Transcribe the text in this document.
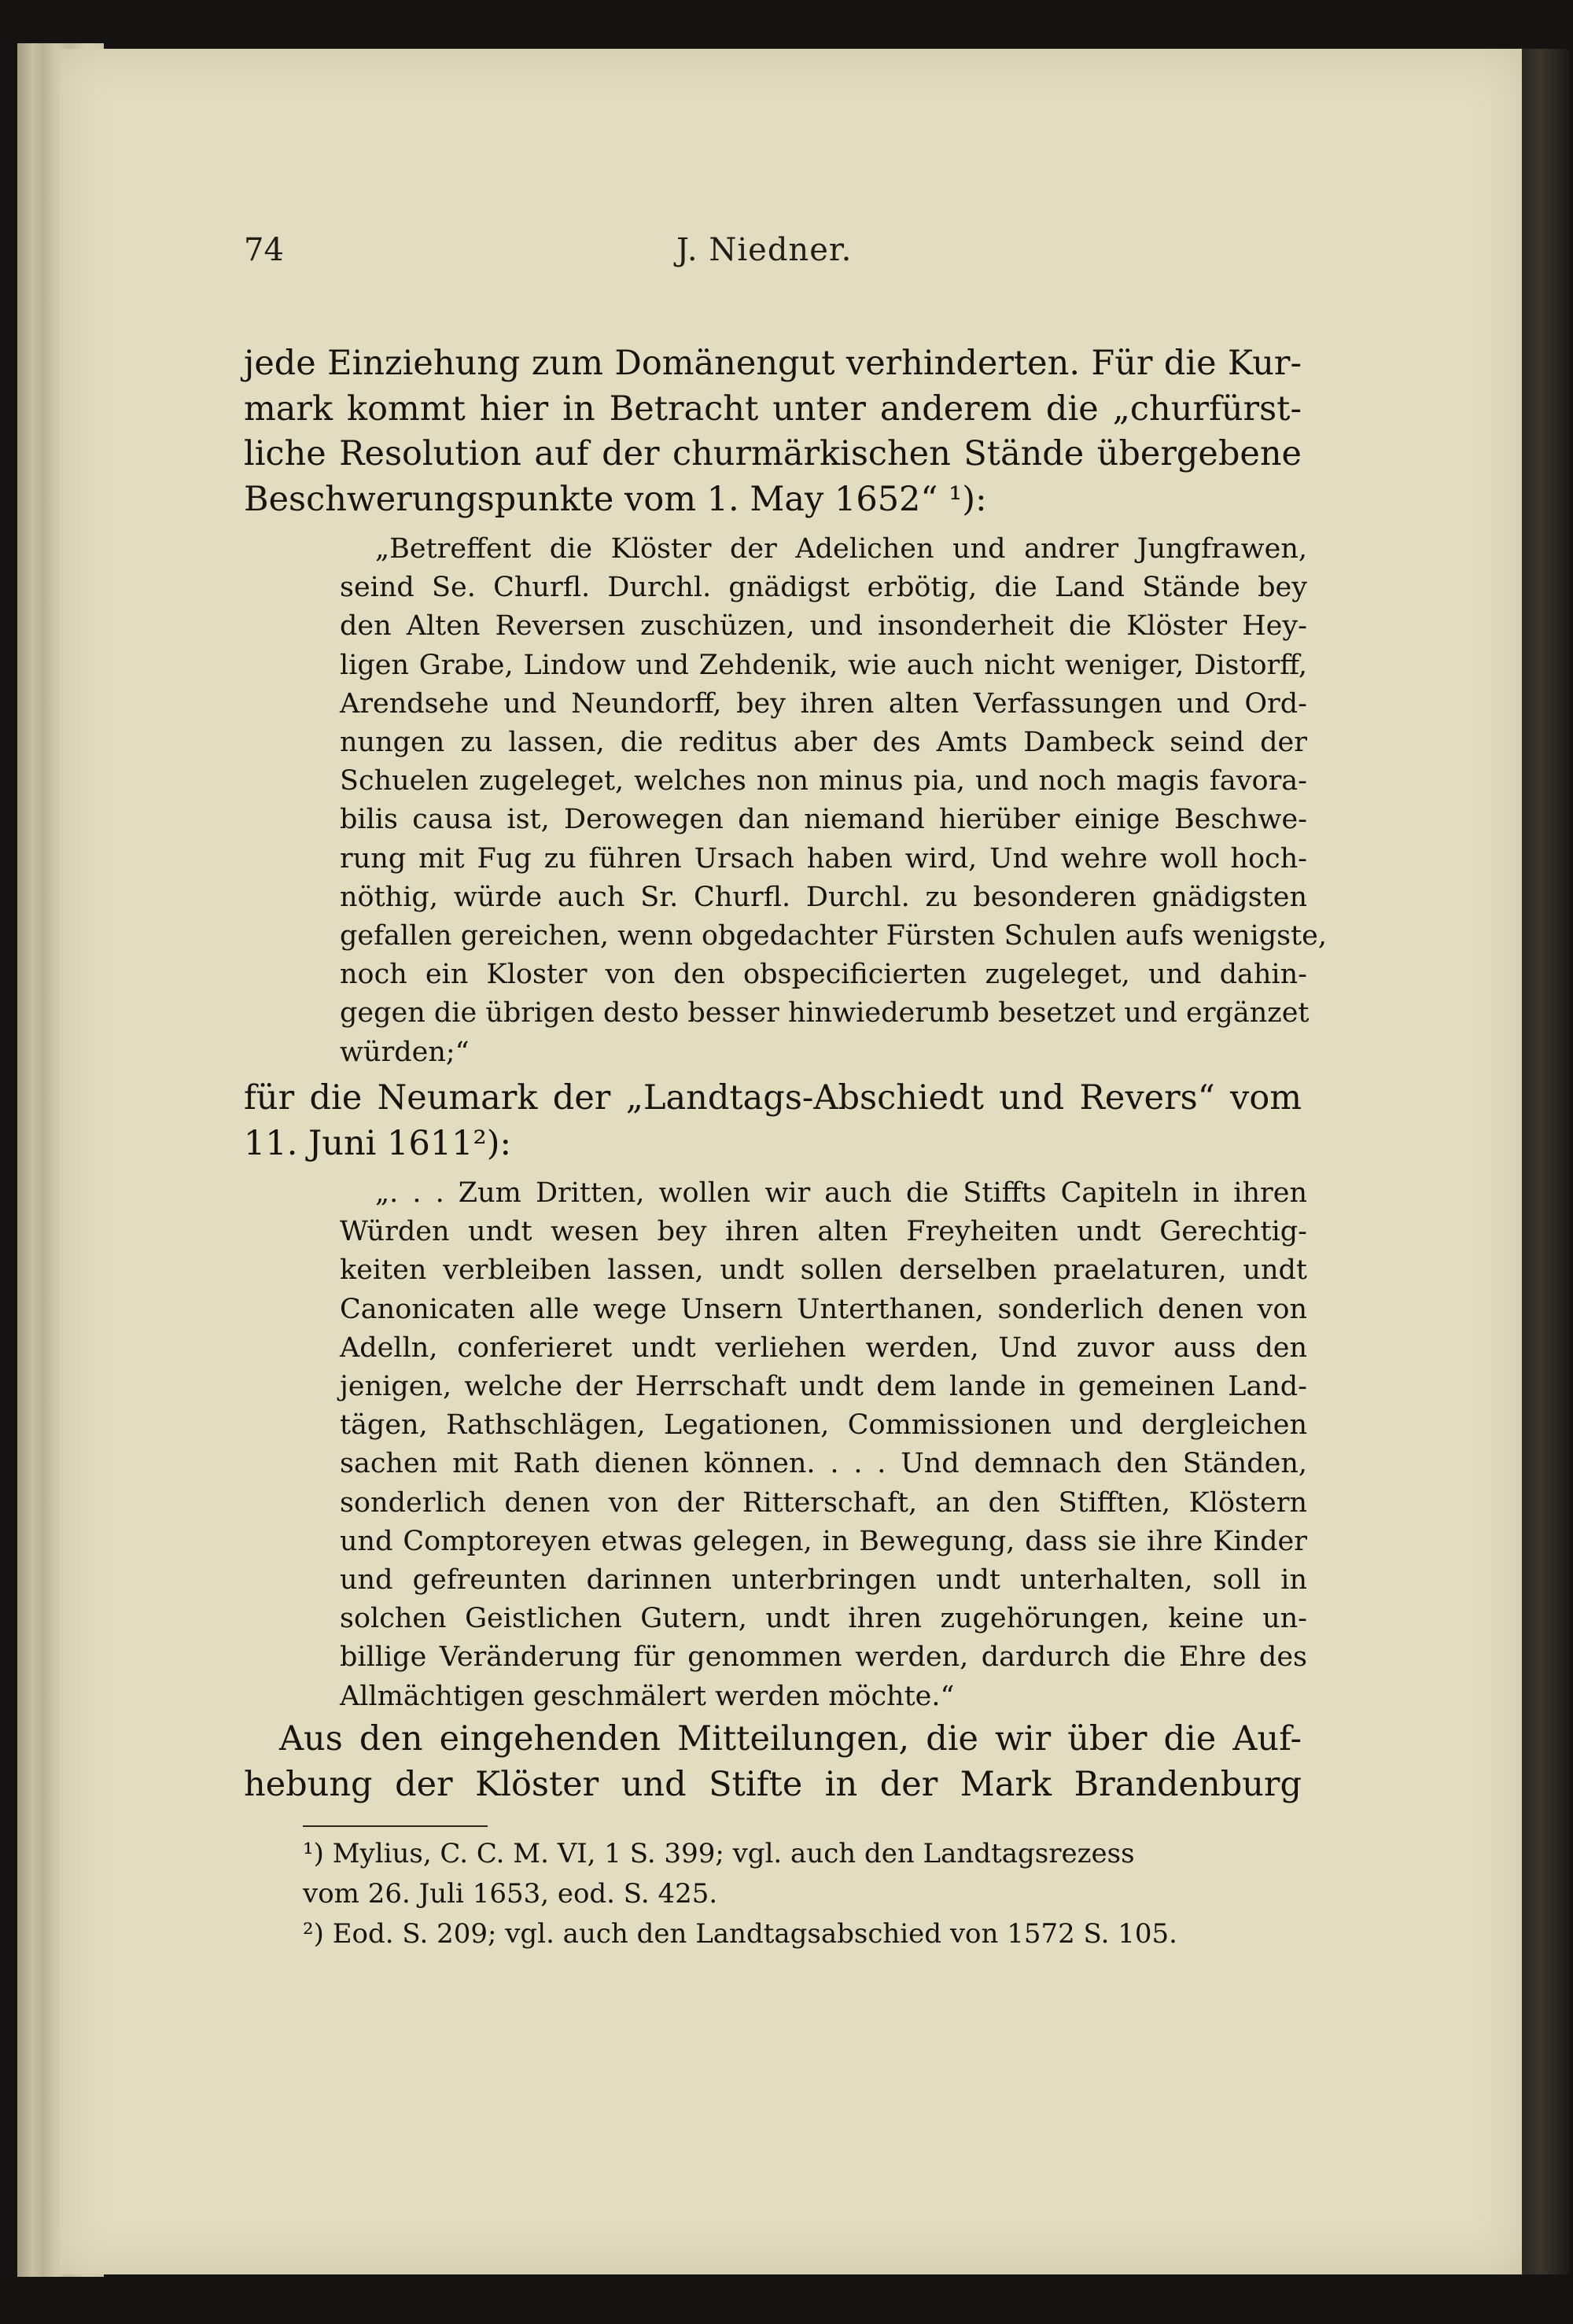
74	J. Niedner.
jede Einziehung zum Domänengut verhinderten. Für die Kur-
mark kommt hier in Betracht unter anderem die „churfürst-
liche Resolution auf der churmärkischen Stände übergebene
Beschwerungspunkte vom 1. May 1652“ ¹):
„Betreffent die Klöster der Adelichen und andrer Jungfrawen,
seind Se. Churfl. Durchl. gnädigst erbötig, die Land Stände bey
den Alten Reversen zuschüzen, und insonderheit die Klöster Hey-
ligen Grabe, Lindow und Zehdenik, wie auch nicht weniger, Distorff,
Arendsehe und Neundorff, bey ihren alten Verfassungen und Ord-
nungen zu lassen, die reditus aber des Amts Dambeck seind der
Schuelen zugeleget, welches non minus pia, und noch magis favora-
bilis causa ist, Derowegen dan niemand hierüber einige Beschwe-
rung mit Fug zu führen Ursach haben wird, Und wehre woll hoch-
nöthig, würde auch Sr. Churfl. Durchl. zu besonderen gnädigsten
gefallen gereichen, wenn obgedachter Fürsten Schulen aufs wenigste,
noch ein Kloster von den obspecificierten zugeleget, und dahin-
gegen die übrigen desto besser hinwiederumb besetzet und ergänzet
würden;“
für die Neumark der „Landtags-Abschiedt und Revers“ vom
11. Juni 1611²):
„. . . Zum Dritten, wollen wir auch die Stiffts Capiteln in ihren
Würden undt wesen bey ihren alten Freyheiten undt Gerechtig-
keiten verbleiben lassen, undt sollen derselben praelaturen, undt
Canonicaten alle wege Unsern Unterthanen, sonderlich denen von
Adelln, conferieret undt verliehen werden, Und zuvor auss den
jenigen, welche der Herrschaft undt dem lande in gemeinen Land-
tägen, Rathschlägen, Legationen, Commissionen und dergleichen
sachen mit Rath dienen können. . . . Und demnach den Ständen,
sonderlich denen von der Ritterschaft, an den Stifften, Klöstern
und Comptoreyen etwas gelegen, in Bewegung, dass sie ihre Kinder
und gefreunten darinnen unterbringen undt unterhalten, soll in
solchen Geistlichen Gutern, undt ihren zugehörungen, keine un-
billige Veränderung für genommen werden, dardurch die Ehre des
Allmächtigen geschmälert werden möchte.“
Aus den eingehenden Mitteilungen, die wir über die Auf-
hebung der Klöster und Stifte in der Mark Brandenburg
¹) Mylius, C. C. M. VI, 1 S. 399; vgl. auch den Landtagsrezess
vom 26. Juli 1653, eod. S. 425.
²) Eod. S. 209; vgl. auch den Landtagsabschied von 1572 S. 105.
